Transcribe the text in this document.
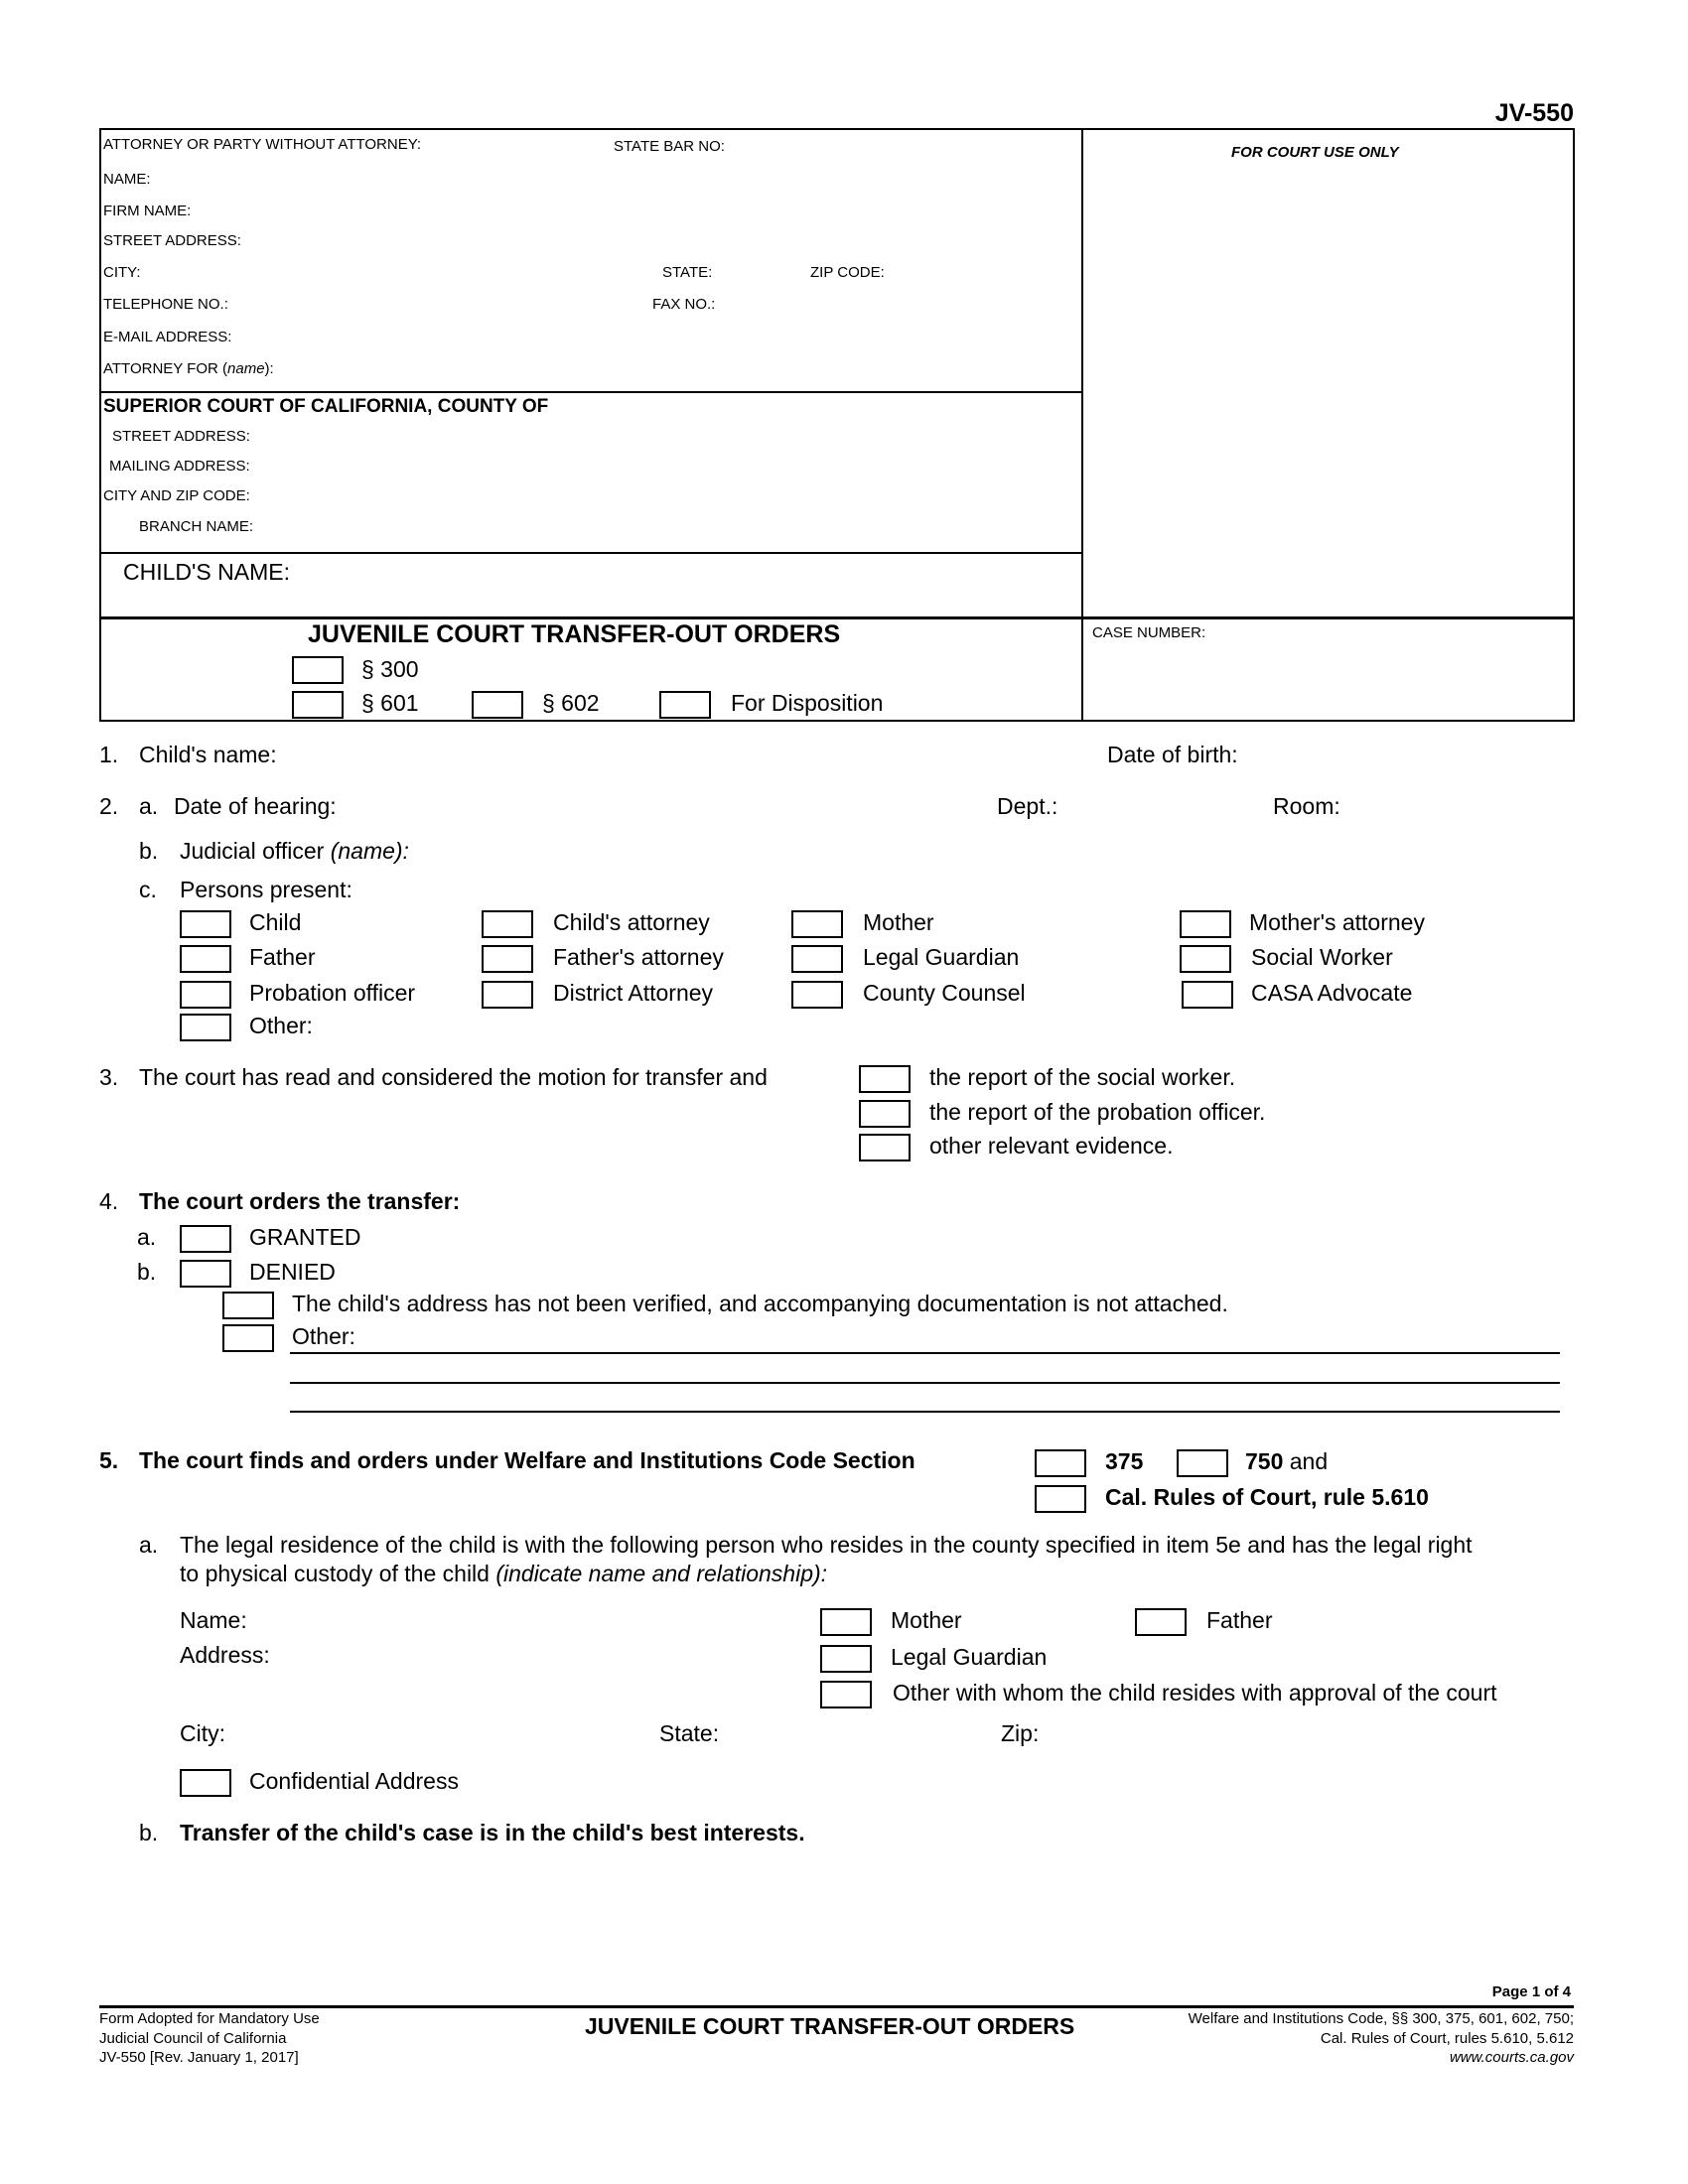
JV-550
ATTORNEY OR PARTY WITHOUT ATTORNEY:	STATE BAR NO:
NAME:
FIRM NAME:
STREET ADDRESS:
CITY:	STATE:	ZIP CODE:
TELEPHONE NO.:	FAX NO.:
E-MAIL ADDRESS:
ATTORNEY FOR (name):
FOR COURT USE ONLY
SUPERIOR COURT OF CALIFORNIA, COUNTY OF
STREET ADDRESS:
MAILING ADDRESS:
CITY AND ZIP CODE:
BRANCH NAME:
CHILD'S NAME:
JUVENILE COURT TRANSFER-OUT ORDERS
§ 300
§ 601	§ 602	For Disposition
CASE NUMBER:
1. Child's name:	Date of birth:
2. a. Date of hearing:	Dept.:	Room:
b. Judicial officer (name):
c. Persons present:
Child	Child's attorney	Mother	Mother's attorney
Father	Father's attorney	Legal Guardian	Social Worker
Probation officer	District Attorney	County Counsel	CASA Advocate
Other:
3. The court has read and considered the motion for transfer and	the report of the social worker.
the report of the probation officer.
other relevant evidence.
4. The court orders the transfer:
a.	GRANTED
b.	DENIED
The child's address has not been verified, and accompanying documentation is not attached.
Other:
5. The court finds and orders under Welfare and Institutions Code Section	375	750 and
Cal. Rules of Court, rule 5.610
a. The legal residence of the child is with the following person who resides in the county specified in item 5e and has the legal right
to physical custody of the child (indicate name and relationship):
Name:
Address:
Mother	Father
Legal Guardian
Other with whom the child resides with approval of the court
City:	State:	Zip:
Confidential Address
b. Transfer of the child's case is in the child's best interests.
Page 1 of 4
Form Adopted for Mandatory Use
Judicial Council of California
JV-550 [Rev. January 1, 2017]
JUVENILE COURT TRANSFER-OUT ORDERS	Welfare and Institutions Code, §§ 300, 375, 601, 602, 750;
Cal. Rules of Court, rules 5.610, 5.612
www.courts.ca.gov
